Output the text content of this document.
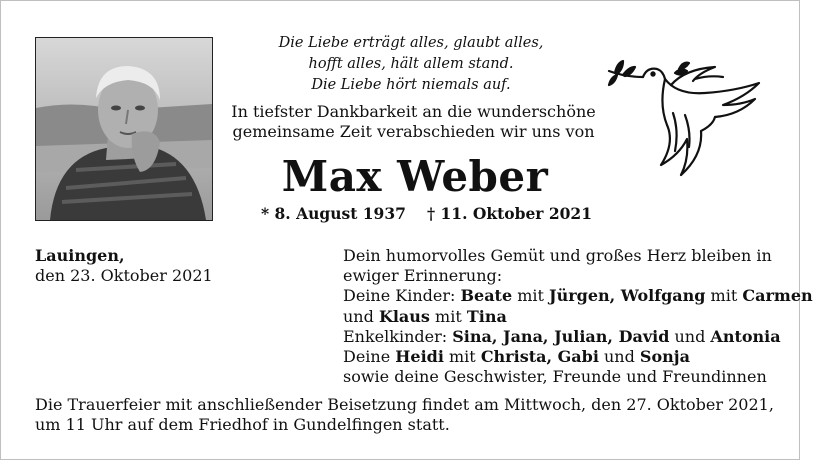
Die Liebe erträgt alles, glaubt alles,
hofft alles, hält allem stand.
Die Liebe hört niemals auf.
In tiefster Dankbarkeit an die wunderschöne
gemeinsame Zeit verabschieden wir uns von
Max Weber
* 8. August 1937 † 11. Oktober 2021
Lauingen,
den 23. Oktober 2021
Dein humorvolles Gemüt und großes Herz bleiben in
ewiger Erinnerung:
Deine Kinder: Beate mit Jürgen, Wolfgang mit Carmen
und Klaus mit Tina
Enkelkinder: Sina, Jana, Julian, David und Antonia
Deine Heidi mit Christa, Gabi und Sonja
sowie deine Geschwister, Freunde und Freundinnen
Die Trauerfeier mit anschließender Beisetzung findet am Mittwoch, den 27. Oktober 2021,
um 11 Uhr auf dem Friedhof in Gundelfingen statt.
